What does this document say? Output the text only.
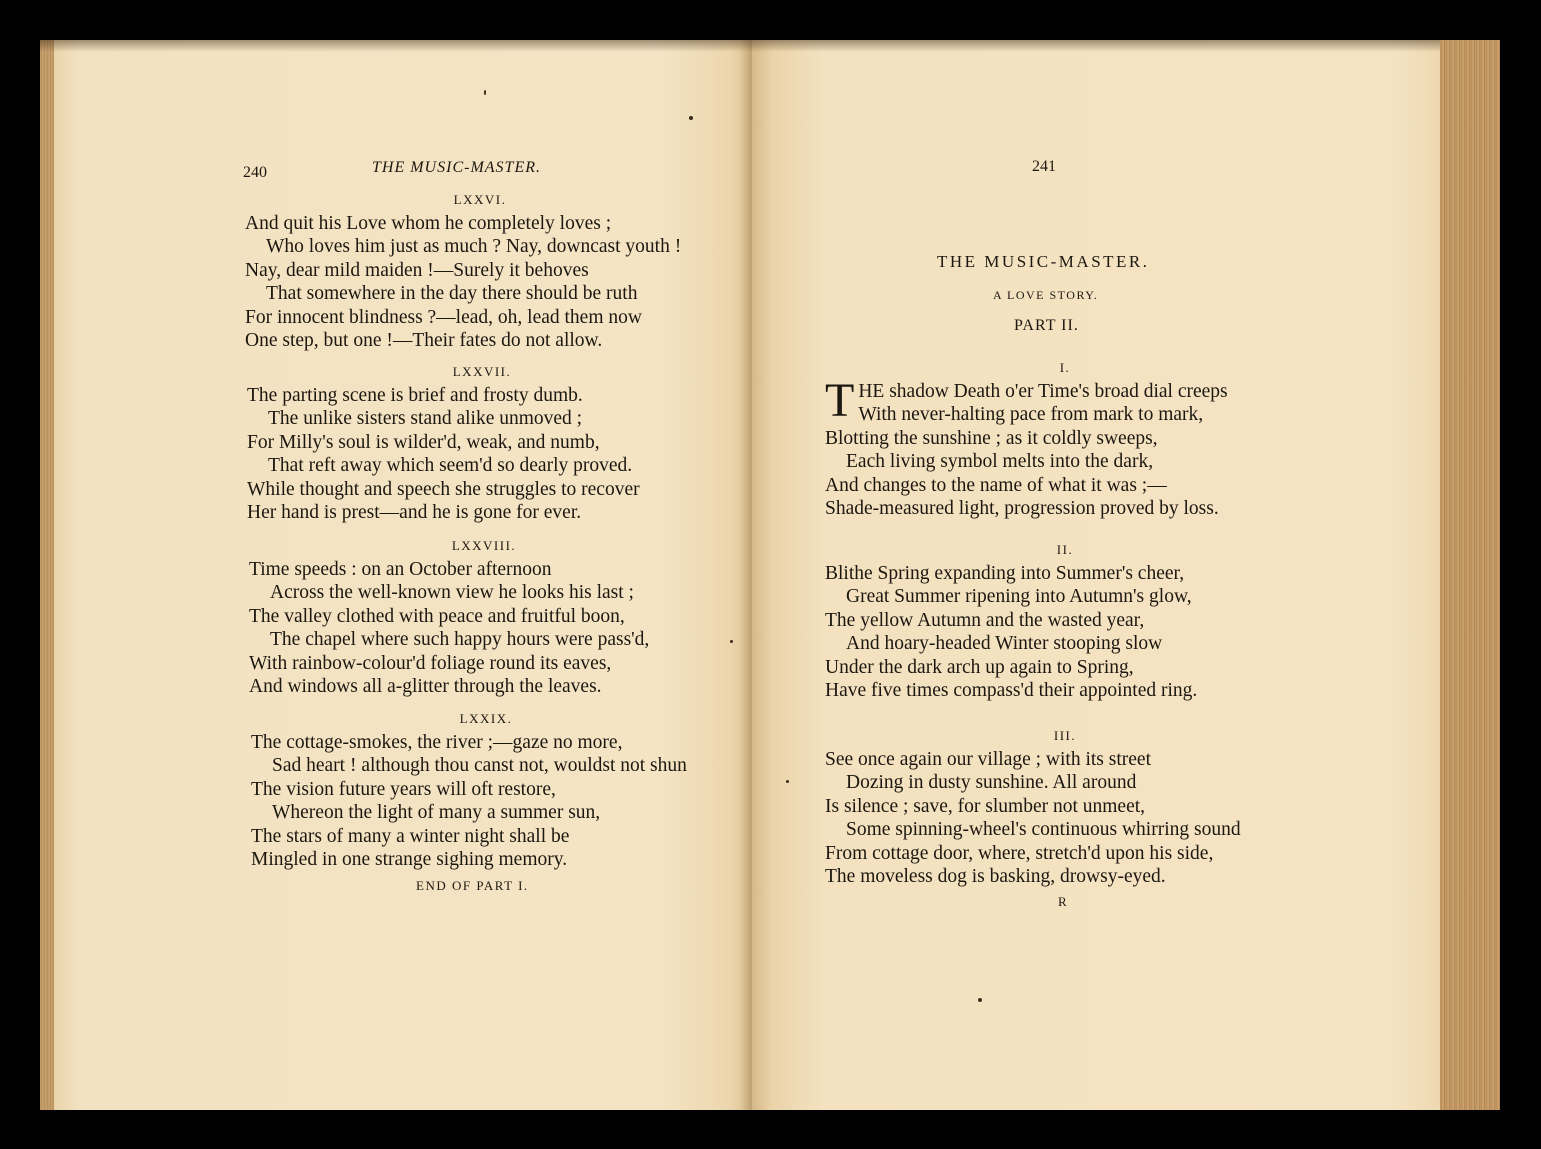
240	THE MUSIC-MASTER.
LXXVI.
And quit his Love whom he completely loves ;
Who loves him just as much ? Nay, downcast youth !
Nay, dear mild maiden !—Surely it behoves
That somewhere in the day there should be ruth
For innocent blindness ?—lead, oh, lead them now
One step, but one !—Their fates do not allow.
LXXVII.
The parting scene is brief and frosty dumb.
The unlike sisters stand alike unmoved ;
For Milly's soul is wilder'd, weak, and numb,
That reft away which seem'd so dearly proved.
While thought and speech she struggles to recover
Her hand is prest—and he is gone for ever.
LXXVIII.
Time speeds : on an October afternoon
Across the well-known view he looks his last ;
The valley clothed with peace and fruitful boon,
The chapel where such happy hours were pass'd,
With rainbow-colour'd foliage round its eaves,
And windows all a-glitter through the leaves.
LXXIX.
The cottage-smokes, the river ;—gaze no more,
Sad heart ! although thou canst not, wouldst not shun
The vision future years will oft restore,
Whereon the light of many a summer sun,
The stars of many a winter night shall be
Mingled in one strange sighing memory.
END OF PART I.
241
THE MUSIC-MASTER.
A LOVE STORY.
PART II.
I.
T HE shadow Death o'er Time's broad dial creeps
With never-halting pace from mark to mark,
Blotting the sunshine ; as it coldly sweeps,
Each living symbol melts into the dark,
And changes to the name of what it was ;—
Shade-measured light, progression proved by loss.
II.
Blithe Spring expanding into Summer's cheer,
Great Summer ripening into Autumn's glow,
The yellow Autumn and the wasted year,
And hoary-headed Winter stooping slow
Under the dark arch up again to Spring,
Have five times compass'd their appointed ring.
III.
See once again our village ; with its street
Dozing in dusty sunshine. All around
Is silence ; save, for slumber not unmeet,
Some spinning-wheel's continuous whirring sound
From cottage door, where, stretch'd upon his side,
The moveless dog is basking, drowsy-eyed.
R
